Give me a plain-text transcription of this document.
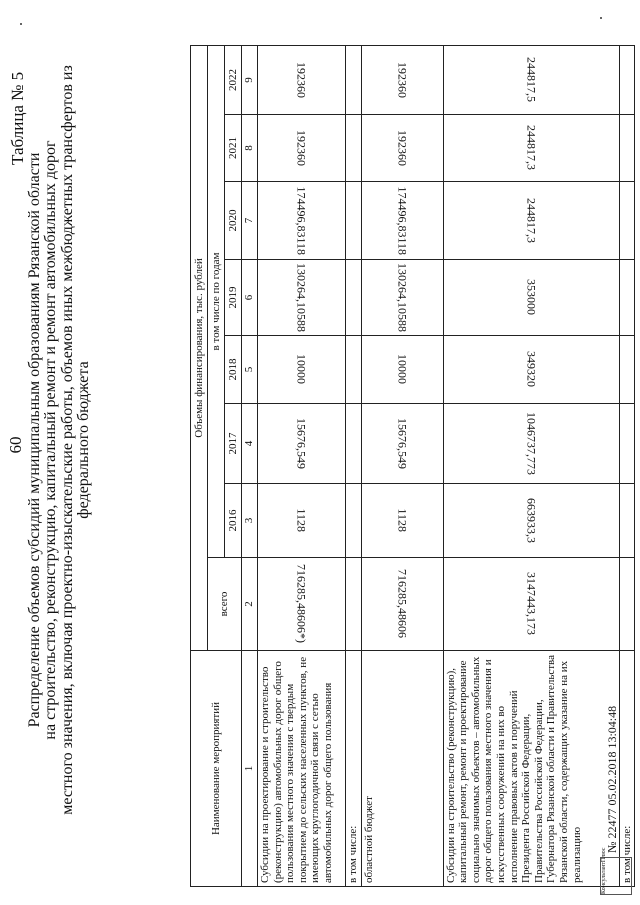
60
Таблица № 5
Распределение объемов субсидий муниципальным образованиям Рязанской области на строительство, реконструкцию, капитальный ремонт и ремонт автомобильных дорог местного значения, включая проектно-изыскательские работы, объемов иных межбюджетных трансфертов из федерального бюджета
Наименование мероприятий	Объемы финансирования, тыс. рублей							
	всего	в том числе по годам						
		2016	2017	2018	2019	2020	2021	2022
1	2	3	4	5	6	7	8	9
Субсидии на проектирование и строительство (реконструкцию) автомобильных дорог общего пользования местного значения с твердым покрытием до сельских населенных пунктов, не имеющих круглогодичной связи с сетью автомобильных дорог общего пользования	716285,48606*)	1128	15676,549	10000	130264,10588	174496,83118	192360	192360
в том числе:								
областной бюджет	716285,48606	1128	15676,549	10000	130264,10588	174496,83118	192360	192360
Субсидии на строительство (реконструкцию), капитальный ремонт, ремонт и проектирование социально значимых объектов – автомобильных дорог общего пользования местного значения и искусственных сооружений на них во исполнение правовых актов и поручений Президента Российской Федерации, Правительства Российской Федерации, Губернатора Рязанской области и Правительства Рязанской области, содержащих указание на их реализацию	3147443,173	663933,3	1046737,773	349320	353000	244817,3	244817,3	244817,5
в том числе:								
КонсультантПлюс
№ 22477 05.02.2018 13:04:48
